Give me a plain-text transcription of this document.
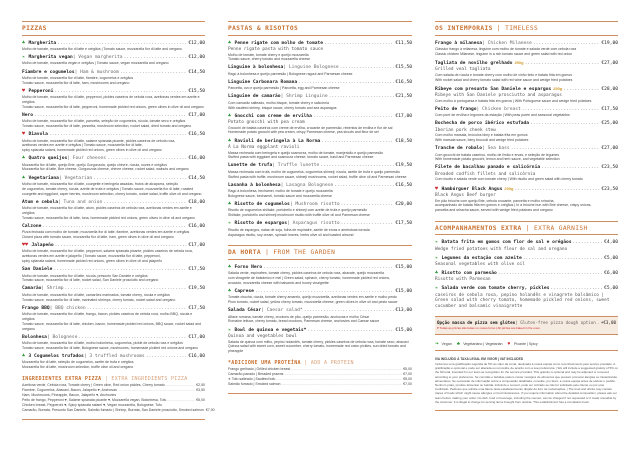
PIZZAS
♣ Margherita .....	€12,00
Molho de tomate, mozzarella fior di latte e orégãos | Tomato sauce, mozzarella fior di latte and oregano
❧ Margherita vegan | Vegan margherita .....	€12,00
Molho de tomate, mozzarella vegan e orégãos | Tomato sauce, vegan mozzarella and oregano
Fiambre e cogumelos | Ham & mushroom .....	€14,50
Molho de tomate, mozzarella fior di latte, fiambre, cogumelos e orégãos
Tomato sauce, mozzarella fior di latte, ham, mushrooms and oregano
♥ Pepperoni .....	€15,50
Molho de tomate, mozzarella fior di latte, pepperoni, pickles caseiros de cebola roxa, azeitonas verdes em azeite e orégãos
Tomato sauce, mozzarella fior di latte, pepperoni, homemade pickled red onions, green olives in olive oil and oregano
Nero .....	€17,00
Molho de tomate, mozzarella fior di latte, pancetta, seleção de cogumelos, rúcula, tomate seco e orégãos
Tomato sauce, mozzarella fior di latte, pancetta, mushroom selection, rocket salad, dried tomato and oregano
♥ Diavola .....	€16,50
Molho de tomate, mozzarella fior di latte, salame spianata picante, pickles caseiros de cebola roxa,
azeitonas verdes em azeite e orégãos | Tomato sauce, mozzarella fior di latte,
spicy spianata salami, homemade pickled red onions, green olives in olive oil and oregano
♣ Quatro queijos | Four cheeses .....	€16,00
Mozzarella fior di latte, queijo Brie, queijo Gorgonzola, queijo chèvre, rúcula, nozes e orégãos
Mozzarella fior di latte, Brie cheese, Gorgonzola cheese, chèvre cheese, rocket salad, walnuts and oregano
♣ Vegetariana | Vegetarian .....	€14,50
Molho de tomate, mozzarella fior di latte, courgette e beringela assadas, frutos de alcaparra, seleção
de cogumelos, tomate cherry, rúcula, azeite de trufa e orégãos | Tomato sauce, mozzarella fior di latte, roasted
courgette and eggplant, caper berries, mushroom selection, cherry tomato, rocket salad, truffle olive oil and oregano
Atum e cebola | Tuna and onion .....	€18,00
Molho de tomate, mozzarella fior di latte, atum, pickles caseiros de cebola roxa, azeitonas verdes em azeite e orégãos
Tomato sauce, mozzarella fior di latte, tuna, homemade pickled red onions, green olives in olive oil and oregano
Calzone .....	€16,00
Pizza fechada com molho de tomate, mozzarella fior di latte, fiambre, azeitonas verdes em azeite e orégãos
Closed pizza with tomato sauce, mozzarella fior di latte, ham, green olives in olive oil and oregano
♥♥ Jalapeño .....	€17,00
Molho de tomate, mozzarella fior di latte, pepperoni, salame spianata picante, pickles caseiros de cebola roxa,
azeitonas verdes em azeite e jalapeño | Tomato sauce, mozzarella fior di latte, pepperoni,
spicy spianata salami, homemade pickled red onions, green olives in olive oil and jalapeño
San Daniele .....	€17,50
Molho de tomate, mozzarella fior di latte, rúcula, presunto San Daniele e orégãos
Tomato sauce, mozzarella fior di latte, rocket salad, San Daniele prosciutto and oregano
Camarão | Shrimp .....	€19,50
Molho de tomate, mozzarella fior di latte, camarões marinados, tomate cherry, rúcula e orégãos
Tomato sauce, mozzarella fior di latte, marinated shrimps, cherry tomato, rocket salad and oregano
Frango BBQ | BBQ chicken .....	€17,50
Molho de tomate, mozzarella fior di latte, frango, bacon, pickles caseiros de cebola roxa, molho BBQ, rúcula e orégãos
Tomato sauce, mozzarella fior di latte, chicken, bacon, homemade pickled red onions, BBQ sauce, rocket salad and oregano
Bolonhesa | Bolognese .....	€17,00
Molho de tomate, mozzarella fior di latte, molho bolonhesa, cogumelos, pickle de cebola roxa e orégãos
Tomato sauce, mozzarella fior di latte, Bolognese sauce, mushrooms, homemade pickled red onions and oregano
♣ 3 Cogumelos trufados | 3 truffled mushrooms .....	€16,00
Mozzarella fior di latte, seleção de cogumelos, azeite de trufa e orégãos
Mozzarella fior di latte, mushroom selection, truffle olive oil and oregano
INGREDIENTES EXTRA PIZZA | EXTRA INGREDIENTS PIZZA
Azeitona verde, Cebola roxa, Tomate cherry | Green olive, Red onion pickles, Cherry tomato .....	€2,50
Fiambre, Cogumelos, Abacaxi, Bacon, Jalapeño ♥, Anchovas .....	€3,50
Ham, Mushrooms, Pineapple, Bacon, Jalapeño ♥, Anchovies
Peito de frango, Pepperoni ♥, Salame spianata picante ♥, Mozzarella vegan, Bolonhesa, Tofu .....	€5,00
Chicken breast, Pepperoni ♥, Spicy spianata salami ♥, Vegan mozzarella, Bolognese, Tofu
Camarão, Burrata, Presunto San Daniele, Salmão fumado | Shrimp, Burrata, San Daniele prosciutto, Smoked salmon €7,00
PASTAS & RISOTTOS
♣ Penne rigate com molho de tomate .....	€11,50
Penne rigate pasta with tomato sauce
Molho de tomate, tomate cherry e queijo mozzarella
Tomato sauce, cherry tomato and mozzarella cheese
Linguine à bolonhesa | Linguine Bolognese .....	€15,50
Ragù à bolonhesa e queijo parmesão | Bolognese ragout and Parmesan cheese
Linguine Carbonara Romana .....	€16,50
Pancetta, ovo e queijo parmesão | Pancetta, egg and Parmesan cheese
Linguine de camarão | Shrimp Linguine .....	€21,50
Com camarão salteado, molho bisque, tomate cherry e salicórnia
With sautéed shrimp, bisque sauce, cherry tomato and sea asparagus
♣ Gnocchi com creme de ervilha .....	€17,00
Potato gnocchi with pea cream
Gnocchi de batata caseiros com creme de ervilha, crocante de parmesão, rebentos de ervilha e flor de sal
Homemade potato gnocchi with pea cream, crispy Parmesan cheese, pea shoots and fleur de sel
♣ Ravioli de beringela à La Norma .....	€18,50
À La Norma eggplant ravioli
Massa recheada com beringela e queijo scamorza, molho de tomate, manjericão e queijo parmesão
Stuffed pasta with eggplant and scamorza cheese, tomato sauce, basil and Parmesan cheese
Lunette de trufa | Truffle lunette .....	€19,50
Massa recheada com trufa, molho de cogumelos, cogumelos shimeji, rúcula, azeite de trufa e queijo parmesão
Stuffed pasta with truffle, mushroom sauce, shimeji mushrooms, rocket salad, truffle olive oil and Parmesan cheese
Lasanha à bolonhesa | Lasagna Bolognese .....	€16,50
Ragù à bolonhesa, bechamel, molho de tomate e queijo mozzarella
Bolognese sauce, bechamel, tomato sauce and mozzarella cheese
♣ Risotto de cogumelos | Mushroom risotto .....	€20,00
Risotto de cogumelos shiitake, portobello e shimeji com azeite de trufa e queijo parmesão
Shiitake, portobello and shimeji mushroom risotto with truffle olive oil and Parmesan cheese
❧ Risotto de espargos | Asparagus risotto .....	€17,50
Risotto de espargos, natas de soja, folha de espinafre, azeite de ervas e amêndoas torrada
Asparagus risotto, soy cream, spinach leaves, herbs olive oil and toasted almond
DA HORTA | FROM THE GARDEN
♣ Forno Nero .....	€15,00
Salada verde, espinafres, tomate cherry, pickles caseiros de cebola roxa, abacate, queijo mozzarella
com vinagrete de balsâmico e mel | Green salad, spinach, cherry tomato, homemade pickled red onions,
avocado, mozzarella cheese with balsamic and honey vinaigrette
♣ Caprese .....	€15,00
Tomate chucha, rúcula, tomate cherry amarelo, queijo mozzarella, azeitonas verdes em azeite e molho pesto
Plum tomato, rocket salad, yellow cherry tomato, mozzarella cheese, green olives in olive oil and pesto sauce
Salada César | Caesar salad* .....	€13,00
Alface romana, tomate cherry, croutons de pão, queijo parmesão, anchovas e molho César
Romaine lettuce, cherry tomato, bread croutons, Parmesan cheese, anchovies and Caesar sauce
❧ Bowl de quinoa e vegetais* .....	€15,00
Quinoa and vegetables bowl
Salada de quinoa com milho, pepino holandês, tomate cherry, pickles caseiros de cebola roxa, tomate seco, abacaxi
Quinoa salad with sweet corn, sweet cucumber, cherry tomato, homemade red onion pickles, sun dried tomato and pineapple
*ADICIONE UMA PROTEÍNA | ADD A PROTEIN
Frango grelhado | Grilled chicken breast .....	€5,00
Camarão panado | Breaded prawns .....	€7,00
❧ Tofu salteado | Sautéed tofu .....	€5,00
Salmão fumado | Smoked salmon .....	€7,00
OS INTEMPORAIS | TIMELESS
Frango à milanesa | Chicken Milanese .....	€19,00
Clássico frango à milanesa, linguine com molho de tomate e salada verde com cebola roxa
Classic chicken Milanese, linguine in a rich tomato sauce and green salad with red onion
Tagliata de novilho grelhado 250g .....	€27,00
Grilled veal tagliata
Com salada de rúcula e tomate cherry com molho de vinho tinto e batata frita em gomos
With rocket salad and cherry tomato salad with red wine sauce and wedge fried potatoes
Ribeye com presunto San Daniele e espargos 250g .....	€28,00
Ribeye with San Daniele prosciutto and asparagus
Com molho à portuguesa e batata frita em gomos | With Portuguese sauce and wedge fried potatoes
Peito de frango | Chicken breast .....	€17,50
Com puré de ervilha e legumes da estação | With peas purée and seasonal vegetables
Bochecha de porco ibérico estufada .....	€25,00
Iberian pork cheek stew
Com molho marsala, brócolos bimy e batata frita em gomos
With marsala sauce, bimy broccoli and wedge fried potatoes
Tranche de robalo | Sea bass .....	€27,00
Com gnocchi de batata caseiros, molho de limão e ervas, e seleção de legumes
With homemade potato gnocchi, lemon and herb sauce, and vegetable selection
Filete de bacalhau panado e salicórnia .....	€23,50
Breaded codfish fillets and salicórnia
Com risotto e salada verde com tomate cherry | With risotto and green salad with cherry tomato
♥ Hambúrguer Black Angus 200g .....	€23,50
Black Angus Beef burger
Em pão brioche com queijo Brie, cebola crocante, pancetta e molho sriracha,
acompanhado de batata frita em gomos e orégãos | In a brioche bun with Brie cheese, crispy onions,
pancetta and sriracha sauce, served with wedge fried potatoes and oregano
ACOMPANHAMENTOS EXTRA | EXTRA GARNISH
❧ Batata frita em gomos com flor de sal e orégãos .....	€4,00
Wedge fried potatoes with fleur de sal and oregano
❧ Legumes da estação com azeite .....	€5,00
Seasonal vegetables with olive oil
♣ Risotto com parmesão .....	€6,00
Risotto with Parmesan
❧ Salada verde com tomate cherry, pickles .....	€5,00
caseiros de cebola roxa, pepino holandês e vinagrete balsâmico | Green salad with cherry tomato, homemade pickled red onions, sweet cucumber and balsamic vinaigrette
Opção massa de pizza sem glúten | Gluten-free pizza dough option ..... +€3,00
♥ Todas as pizzas são feitas no nosso forno | All pizzas are baked in the oven
❧ Vegan ♣ Vegetariano | Vegetarian ♥ Picante | Spicy
IVA INCLUÍDO À TAXA LEGAL EM VIGOR | VAT INCLUDED
Incluímos uma gratificação sugerida de 5% ao valor da conta, destinada à nossa equipa como reconhecimento pelo serviço prestado. A gratificação é opcional e pode ser alterada ou removida, de acordo com a sua preferência. | We will include a suggested gratuity of 5% on the bill total, intended for our team as recognition for the service provided. This gratuity is optional and may be adjusted or removed according to your preference. Se comidas e bebidas podem conter vestígios de alimentos que possam provocar alergias ou intolerâncias alimentares. Se necessitar de informação sobre a composição detalhada, consulte, por favor, a nossa equipa antes de efetuar o pedido. Nenhum prato, produto alimentar ou bebida, incluindo o couvert, pode ser cobrado se não for solicitado pelo cliente ou por este inutilizado. Pedimos que solicite uma fatura. Este estabelecimento dispõe de livro de reclamações. | The food and drinks may contain traces of foods which might cause allergies or food intolerances. If you require information about the detailed composition, please ask our team before making your order. No dish, food or beverage, including the couvert, can be charged if not requested or if made unusable by the customer. It is illegal to charge for serving items brought from outside. This establishment has a complaints book.
